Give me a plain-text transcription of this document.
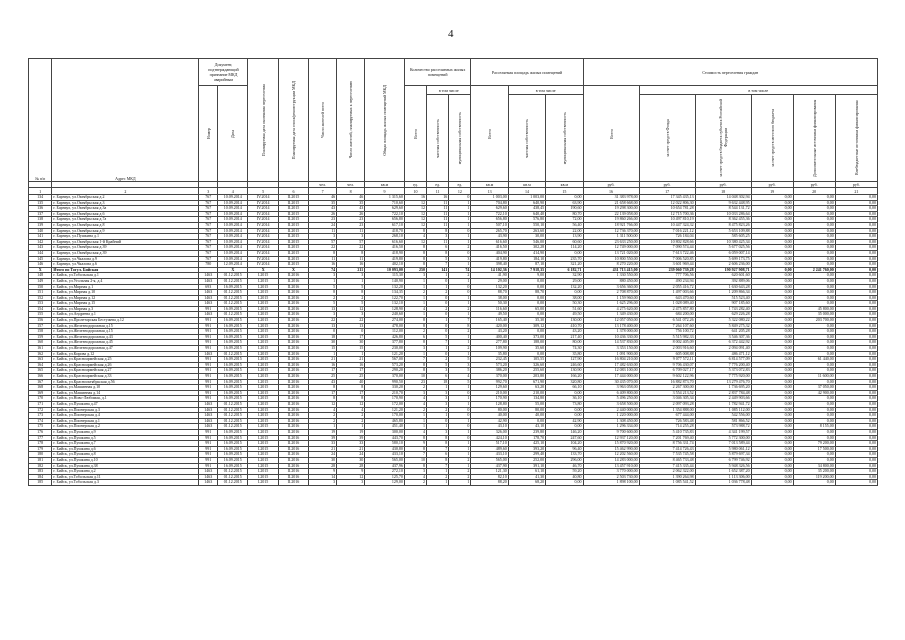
4
№ п/п	Адрес МКД	Документ, подтверждающий признание МКД аварийным		Планируемая дата окончания переселения	Планируемая дата сноса/реконструкции МКД	Число жителей всего	Число жителей, планируемых к переселению	Общая площадь жилых помещений МКД	Количество расселяемых жилых помещений			Расселяемая площадь жилых помещений			Стоимость переселения граждан					

		Номер	Дата						Всего	в том числе		Всего	в том числе		Всего	в том числе				

										частная собственность	муниципальная собственность		частная собственность	муниципальная собственность		за счет средств Фонда	за счет средств бюджета субъекта Российской Федерации	за счет средств местного бюджета	Дополнительные источники финансирования	Внебюджетные источники финансирования

						чел.	чел.	кв.м	ед.	ед.	ед.	кв.м	кв.м	кв.м	руб.	руб.	руб.	руб.	руб.	руб.
1	2	3	4	5	6	7	8	9	10	11	12	13	14	15	16	17	18	19	20	21
134	г. Барнаул, ул.Октябрьская д.2	767	10.09.2014	IV.2014	II.2015	46	46	1 315,60	16	16	0	1 003,00	1 003,00	0,00	31 383 978,00	17 345 435,13	14 048 302,94	0,00	0,00	0,00
135	г. Барнаул, ул.Октябрьская д.3	767	10.09.2014	IV.2014	II.2015	35	35	710,60	12	11	1	704,80	640,90	63,90	21 658 668,00	12 022 806,30	9 632 448,95	0,00	0,00	0,00
136	г. Барнаул, ул.Октябрьская д.3а	767	10.09.2014	IV.2014	II.2015	43	43	629,60	12	11	1	629,60	438,45	190,60	19 298 300,00	10 654 781,28	8 544 131,72	0,00	0,00	0,00
137	г. Барнаул, ул.Октябрьская д.6	767	10.09.2014	IV.2014	II.2015	26	26	722,10	12	11	1	722,10	640,40	80,70	22 139 058,00	12 715 700,36	10 033 286,64	0,00	0,00	0,00
138	г. Барнаул, ул.Октябрьская д.7а	767	10.09.2014	IV.2014	II.2015	23	23	656,80	12	11	1	656,80	576,80	72,00	19 860 266,00	10 497 810,19	8 362 455,36	0,00	0,00	0,00
139	г. Барнаул, ул.Октябрьская д.8	767	10.09.2014	IV.2014	II.2015	24	23	617,10	12	11	1	507,10	550,10	56,40	18 921 766,00	10 447 324,32	8 475 823,26	0,00	0,00	0,00
140	г. Барнаул, ул.Октябрьская д.9	767	10.09.2014	IV.2014	II.2015	11	11	418,70	8	8	0	265,70	263,60	22,00	12 736 370,00	7 016 221,12	5 653 109,88	0,00	0,00	0,00
141	г. Барнаул, ул.Пушкина д.1	767	10.09.2014	IV.2014	II.2015	3	3	268,10	4	3	1	43,90	30,00	13,90	1 311 500,00	726 184,04	585 605,25	0,00	0,00	0,00
142	г. Барнаул, ул.Октябрьская 1-й Крайний	767	10.09.2014	IV.2014	II.2015	57	57	616,60	12	11	1	616,60	546,00	60,60	23 633 250,00	10 802 828,66	10 380 425,34	0,00	0,00	0,00
143	г. Барнаул, ул.Октябрьская д.39	767	10.09.2014	IV.2014	II.2015	22	22	416,50	8	6	2	416,50	302,28	114,20	12 749 000,00	7 090 574,44	5 677 025,56	0,00	0,00	0,00
144	г. Барнаул, ул.Октябрьская д.39	767	10.09.2014	IV.2014	II.2015	8	8	418,90	8	8	0	404,90	414,90	0,00	13 721 020,00	7 613 722,46	6 059 007,14	0,00	0,00	0,00
145	г. Барнаул, ул.Чкалова д.9	767	10.09.2014	IV.2014	II.2015	11	11	419,80	8	5	3	419,80	184,10	235,70	10 800 550,00	7 006 520,85	5 699 173,75	0,00	0,00	0,00
146	г. Барнаул, ул.Чкалова д.6	780	12.09.2014	IV.2014	II.2015	16	16	402,10	8	7	1	398,40	87,10	321,20	8 270 220,00	3 601 969,44	2 606 236,00	0,00	0,00	0,00
X	Итого по Тогул. Бийская		X	X	X	74	211	10 093,00	250	141	74	14 102,36	7 918,35	6 182,71	431 713 415,00	239 060 739,28	190 927 908,71	0,00	2 241 760,00	0,00
148	г. Бийск, ул.Тобольская д.1	1463	01.12.2015	I.2015	II.2016	3	3	115,30	3	1	2	41,90	9,00	32,90	1 330 550,00	777 706,56	620 601,60	0,00	0,00	0,00
149	г. Бийск, ул.Угольная 2-я, д.4	1463	01.12.2015	I.2015	II.2016	1	1	140,90	1	0	1	29,00	0,00	29,00	880 450,00	490 234,94	392 889,06	0,00	0,00	0,00
150	г. Бийск, ул.Мирная д.1	693	16.09.2015	I.2015	II.2016	5	5	132,20	1	1	0	132,20	0,00	132,20	3 656 360,00	2 055 416,72	1 630 643,28	0,00	0,00	0,00
151	г. Бийск, ул.Мирная д.10	1463	01.12.2015	I.2015	II.2016	8	8	134,35	2	2	0	88,70	88,70	0,00	2 708 870,00	1 497 003,66	1 209 866,34	0,00	0,00	0,00
152	г. Бийск, ул.Мирная д.12	1463	01.12.2015	I.2015	II.2016	2	2	122,70	1	0	1	38,00	0,00	38,00	1 159 960,00	643 470,60	515 523,40	0,00	0,00	0,00
153	г. Бийск, ул.Мирная д.15	1463	01.12.2015	I.2015	II.2016	5	5	132,10	1	0	1	50,30	0,00	50,30	1 625 296,00	1 028 089,40	907 185,60	0,00	0,00	0,00
154	г. Бийск, ул.Мирная д.3	991	16.09.2015	I.2015	II.2016	13	12	128,90	4	2	2	116,60	65,00	51,60	4 275 620,00	2 475 857,80	1 743 282,40	0,00	45 800,00	0,00
155	г. Бийск, ул.Андреева д.1	1463	01.12.2015	I.2015	II.2016	3	3	240,60	1	0	1	49,50	0,00	49,50	1 349 430,00	684 200,00	629 226,28	0,00	35 000,00	0,00
156	г. Бийск, ул.Пролетарская Бестужева д.12	991	16.09.2015	I.2015	II.2016	22	22	274,00	8	1	7	165,40	35,30	130,00	12 057 050,00	6 541 072,26	5 322 080,22	0,00	203 700,00	0,00
157	г. Бийск, ул.Железнодорожная д.15	991	16.09.2015	I.2015	II.2016	13	13	478,00	8	0	8	420,00	309,12	410,70	13 178 400,00	7 264 107,60	5 849 275,32	0,00	0,00	0,00
158	г. Бийск, ул.Железнодорожная д.15	991	16.09.2015	I.2015	II.2016	0	0	112,00	2	0	2	43,20	0,00	43,20	1 378 000,00	756 100,72	641 205,28	0,00	0,00	0,00
159	г. Бийск, ул.Железнодорожная д.43	991	16.09.2015	I.2015	II.2016	18	17	426,80	6	5	1	400,40	373,00	217,40	10 436 330,00	5 515 982,33	3 546 307,36	0,00	0,00	0,00
160	г. Бийск, ул.Железнодорожная д.45	991	16.09.2015	I.2015	II.2016	30	30	377,80	8	7	1	277,80	188,00	80,00	14 537 830,00	8 002 405,09	6 372 442,92	0,00	0,00	0,00
161	г. Бийск, ул.Железнодорожная д.47	991	16.09.2015	I.2015	II.2016	15	15	230,00	3	1	2	109,90	35,60	74,30	3 353 150,00	2 003 916,60	2 094 091,40	0,00	0,00	0,00
162	г. Бийск, ул.Кирова д.12	1463	01.12.2015	I.2015	II.2016	1	1	121,20	1	0	1	35,80	0,00	35,80	1 091 900,00	605 008,88	486 471,12	0,00	0,00	0,00
163	г. Бийск, ул.Красноармейская д.25	991	16.09.2015	I.2015	II.2016	21	21	567,00	7	2	5	232,45	105,55	127,90	16 804 210,00	9 077 572,11	6 814 577,09	0,00	61 440,00	0,00
164	г. Бийск, ул.Красноармейская д.26	991	16.09.2015	I.2015	II.2016	16	16	573,20	8	5	3	573,20	326,60	246,60	17 482 630,00	9 706 430,07	7 776 200,40	0,00	0,00	0,00
165	г. Бийск, ул.Красноармейская д.27	991	16.09.2015	I.2015	II.2016	17	17	290,20	8	3	5	386,20	255,60	130,90	12 083 100,00	6 709 027,17	5 373 072,83	0,00	0,00	0,00
166	г. Бийск, ул.Красноармейская д.33	991	16.09.2015	I.2015	II.2016	25	25	370,00	10	6	4	370,00	203,80	166,20	17 444 000,00	9 602 122,96	7 775 920,00	0,00	11 600,00	0,00
167	г. Бийск, ул.Краснооктябрьская д.56	991	16.09.2015	I.2015	II.2016	43	40	990,50	23	18	5	992,70	671,90	320,80	30 435 070,00	16 882 873,70	13 279 476,70	0,00	0,00	0,00
168	г. Бийск, ул.Машинная д.10	991	16.09.2015	I.2015	II.2016	8	8	330,20	2	1	1	129,60	63,20	66,10	3 963 058,00	2 267 300,00	1 736 695,20	0,00	37 050,00	0,00
169	г. Бийск, ул.Машинная д.14	991	16.09.2015	I.2015	II.2016	17	17	210,70	3	3	0	210,00	210,00	0,00	6 409 800,00	3 554 213,52	2 837 784,48	0,00	42 900,00	0,00
170	г. Бийск, ул.Ново-Любимая, д.1	991	16.09.2015	I.2015	II.2016	8	8	170,90	4	3	1	170,90	134,80	36,10	5 496 250,00	3 046 305,34	2 449 903,66	0,00	0,00	0,00
171	г. Бийск, ул.Пушкина д.47	1463	01.12.2015	I.2015	II.2016	12	12	172,00	4	3	1	128,80	55,00	73,80	3 658 500,00	2 097 093,28	1 782 941,72	0,00	0,00	0,00
172	г. Бийск, ул.Пионерская д.3	1463	01.12.2015	I.2015	II.2016	4	4	121,20	2	2	0	80,00	80,00	0,00	2 440 000,00	1 354 888,00	1 085 112,00	0,00	0,00	0,00
173	г. Бийск, ул.Пионерская д.4	1463	01.12.2015	I.2015	II.2016	2	2	170,00	1	1	0	40,00	40,00	0,00	1 220 000,00	677 444,00	542 556,00	0,00	0,00	0,00
174	г. Бийск, ул.Пионерская д.1	1463	01.12.2015	I.2015	II.2016	2	2	465,80	1	0	1	42,90	0,00	42,90	1 308 450,00	726 583,48	581 866,52	0,00	0,00	0,00
175	г. Бийск, ул.Пионерская д.2	1463	01.12.2015	I.2015	II.2016	1	1	451,40	1	1	0	43,10	43,10	0,00	1 296 334,00	714 255,28	573 988,72	0,00	8 155,00	0,00
176	г. Бийск, ул.Пушкина д.9	991	16.09.2015	I.2015	II.2016	19	19	300,00	4	3	1	326,00	239,80	146,20	9 700 600,00	5 410 735,83	4 341 199,57	0,00	0,00	0,00
177	г. Бийск, ул.Пушкина д.5	991	16.09.2015	I.2015	II.2016	39	39	443,70	8	8	0	424,10	178,70	247,60	12 937 120,00	7 201 769,40	5 772 300,00	0,00	0,00	0,00
178	г. Бийск, ул.Пушкина д.7	991	16.09.2015	I.2015	II.2016	33	33	580,10	9	8	1	517,10	425,10	104,20	15 870 920,00	8 756 331,74	7 013 589,44	0,00	79 200,00	0,00
179	г. Бийск, ул.Пушкина д.6	991	16.09.2015	I.2015	II.2016	21	21	430,80	8	7	1	489,60	393,20	96,40	15 462 990,00	7 414 726,43	5 980 061,12	0,00	17 500,00	0,00
180	г. Бийск, ул.Пушкина д.8	991	16.09.2015	I.2015	II.2016	24	24	433,10	7	6	1	433,10	299,40	133,70	12 202 560,00	7 535 745,58	5 879 697,34	0,00	0,00	0,00
181	г. Бийск, ул.Пушкина д.10	991	16.09.2015	I.2015	II.2016	30	30	565,00	10	8	2	565,00	252,00	296,00	14 283 000,00	8 465 733,48	6 799 746,92	0,00	0,00	0,00
182	г. Бийск, ул.Пушкина д.38	991	16.09.2015	I.2015	II.2016	28	28	437,96	8	7	1	437,90	391,10	46,70	13 457 910,00	7 415 335,44	5 948 326,56	0,00	34 800,00	0,00
183	г. Бийск, ул.Пушкина д.2	1463	01.12.2015	I.2015	II.2016	9	9	272,10	3	1	2	121,30	61,10	59,20	3 770 000,00	2 062 322,00	1 652 387,20	0,00	35 200,00	0,00
184	г. Бийск, ул.Тобольская д.11	1463	01.12.2015	I.2015	II.2016	14	12	125,70	4	2	2	82,10	41,30	40,80	2 503 730,00	1 390 264,98	1 113 306,00	0,00	119 200,00	0,00
185	г. Бийск, ул.Тобольская д.3	1463	01.12.2015	I.2015	II.2016	3	3	129,00	2	1	1	88,20	68,20	0,00	1 898 100,00	1 085 541,52	1 036 778,48	0,00	0,00	0,00
